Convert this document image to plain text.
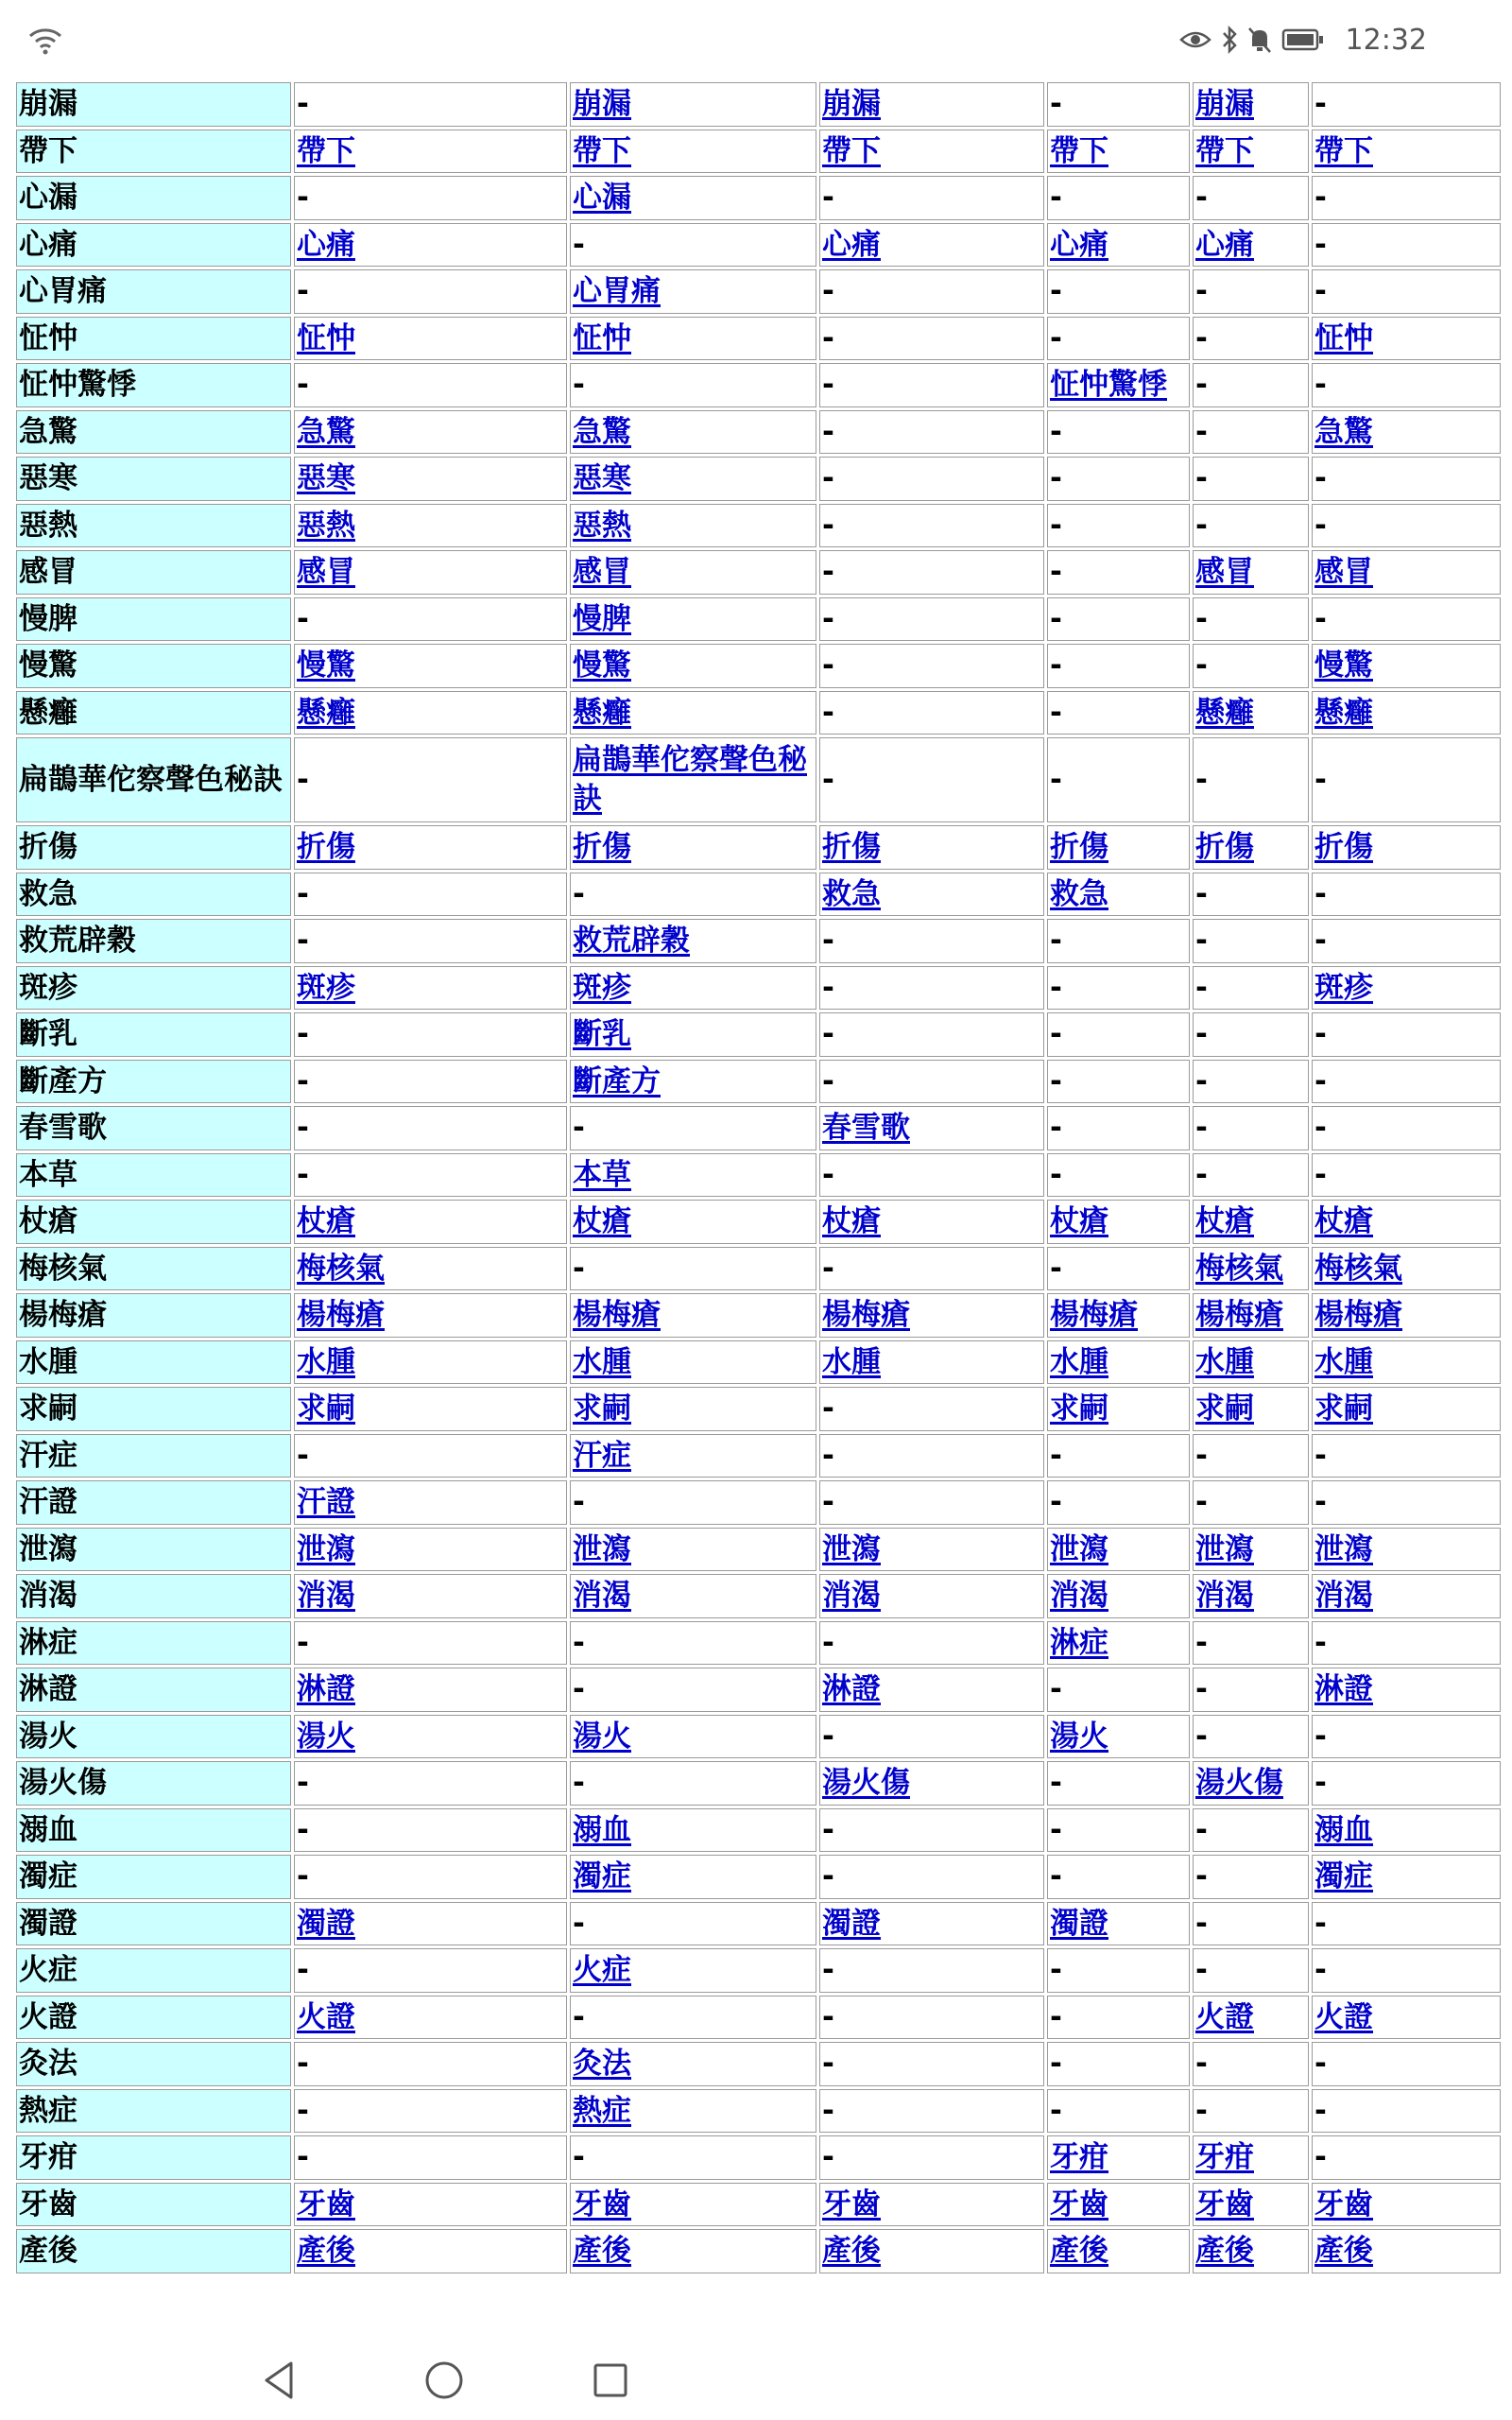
12:32
崩漏	-	崩漏	崩漏	-	崩漏	-
帶下	帶下	帶下	帶下	帶下	帶下	帶下
心漏	-	心漏	-	-	-	-
心痛	心痛	-	心痛	心痛	心痛	-
心胃痛	-	心胃痛	-	-	-	-
怔忡	怔忡	怔忡	-	-	-	怔忡
怔忡驚悸	-	-	-	怔忡驚悸	-	-
急驚	急驚	急驚	-	-	-	急驚
惡寒	惡寒	惡寒	-	-	-	-
惡熱	惡熱	惡熱	-	-	-	-
感冒	感冒	感冒	-	-	感冒	感冒
慢脾	-	慢脾	-	-	-	-
慢驚	慢驚	慢驚	-	-	-	慢驚
懸癰	懸癰	懸癰	-	-	懸癰	懸癰
扁鵲華佗察聲色秘訣	-	扁鵲華佗察聲色秘訣	-	-	-	-
折傷	折傷	折傷	折傷	折傷	折傷	折傷
救急	-	-	救急	救急	-	-
救荒辟穀	-	救荒辟穀	-	-	-	-
斑疹	斑疹	斑疹	-	-	-	斑疹
斷乳	-	斷乳	-	-	-	-
斷產方	-	斷產方	-	-	-	-
春雪歌	-	-	春雪歌	-	-	-
本草	-	本草	-	-	-	-
杖瘡	杖瘡	杖瘡	杖瘡	杖瘡	杖瘡	杖瘡
梅核氣	梅核氣	-	-	-	梅核氣	梅核氣
楊梅瘡	楊梅瘡	楊梅瘡	楊梅瘡	楊梅瘡	楊梅瘡	楊梅瘡
水腫	水腫	水腫	水腫	水腫	水腫	水腫
求嗣	求嗣	求嗣	-	求嗣	求嗣	求嗣
汗症	-	汗症	-	-	-	-
汗證	汗證	-	-	-	-	-
泄瀉	泄瀉	泄瀉	泄瀉	泄瀉	泄瀉	泄瀉
消渴	消渴	消渴	消渴	消渴	消渴	消渴
淋症	-	-	-	淋症	-	-
淋證	淋證	-	淋證	-	-	淋證
湯火	湯火	湯火	-	湯火	-	-
湯火傷	-	-	湯火傷	-	湯火傷	-
溺血	-	溺血	-	-	-	溺血
濁症	-	濁症	-	-	-	濁症
濁證	濁證	-	濁證	濁證	-	-
火症	-	火症	-	-	-	-
火證	火證	-	-	-	火證	火證
灸法	-	灸法	-	-	-	-
熱症	-	熱症	-	-	-	-
牙疳	-	-	-	牙疳	牙疳	-
牙齒	牙齒	牙齒	牙齒	牙齒	牙齒	牙齒
產後	產後	產後	產後	產後	產後	產後
